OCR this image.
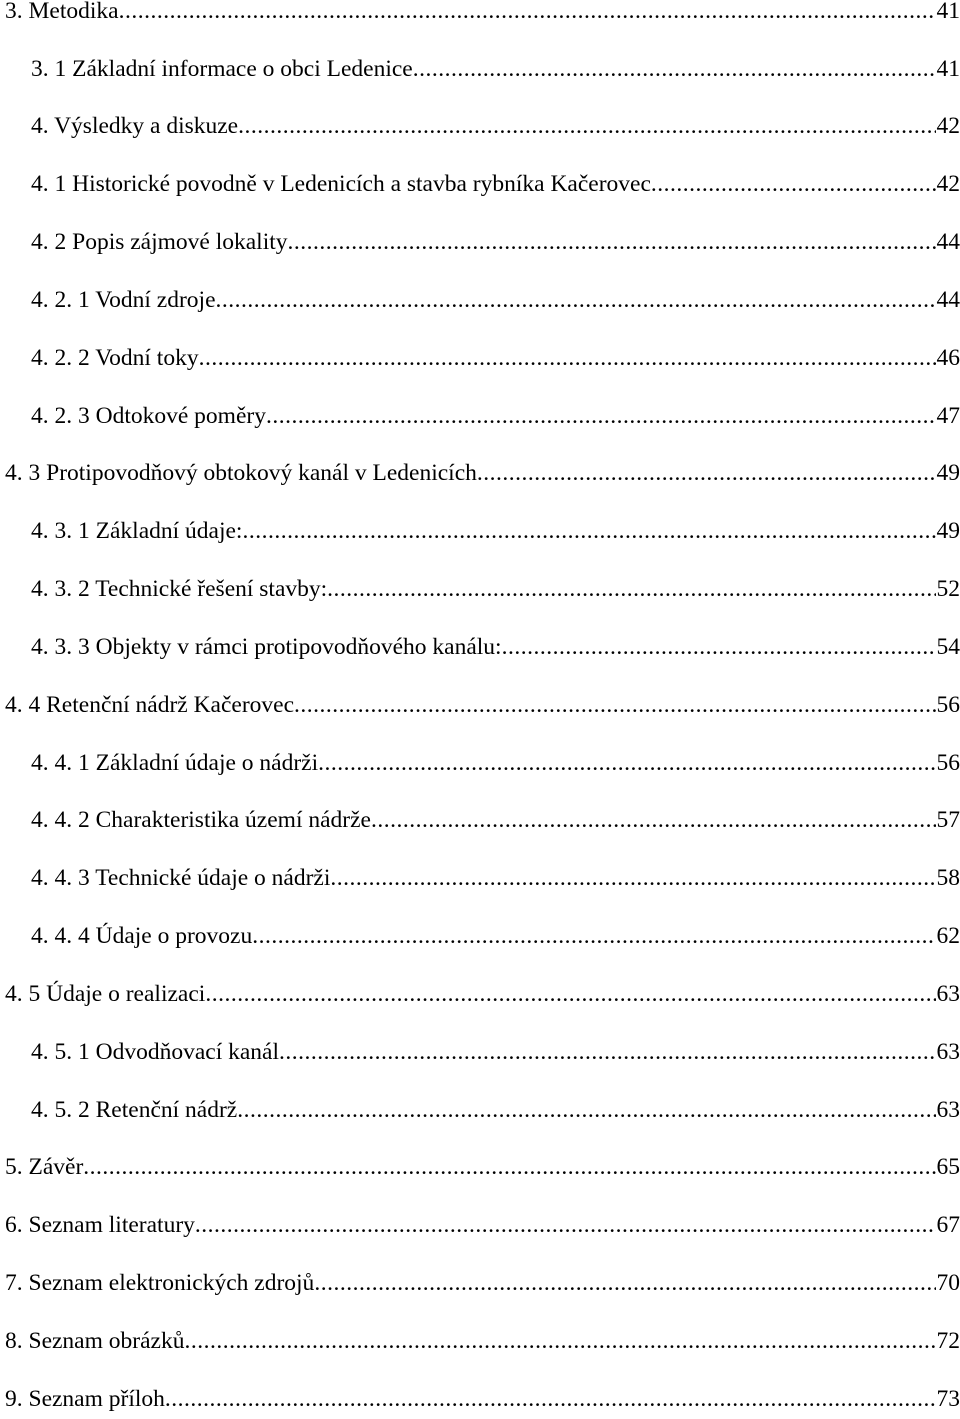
3. Metodika .....	41
3. 1 Základní informace o obci Ledenice .....	41
4. Výsledky a diskuze .....	42
4. 1 Historické povodně v Ledenicích a stavba rybníka Kačerovec .....	42
4. 2 Popis zájmové lokality .....	44
4. 2. 1 Vodní zdroje .....	44
4. 2. 2 Vodní toky .....	46
4. 2. 3 Odtokové poměry .....	47
4. 3 Protipovodňový obtokový kanál v Ledenicích .....	49
4. 3. 1 Základní údaje: .....	49
4. 3. 2 Technické řešení stavby: .....	52
4. 3. 3 Objekty v rámci protipovodňového kanálu: .....	54
4. 4 Retenční nádrž Kačerovec .....	56
4. 4. 1 Základní údaje o nádrži .....	56
4. 4. 2 Charakteristika území nádrže .....	57
4. 4. 3 Technické údaje o nádrži .....	58
4. 4. 4 Údaje o provozu .....	62
4. 5 Údaje o realizaci .....	63
4. 5. 1 Odvodňovací kanál .....	63
4. 5. 2 Retenční nádrž .....	63
5. Závěr .....	65
6. Seznam literatury .....	67
7. Seznam elektronických zdrojů .....	70
8. Seznam obrázků .....	72
9. Seznam příloh .....	73
